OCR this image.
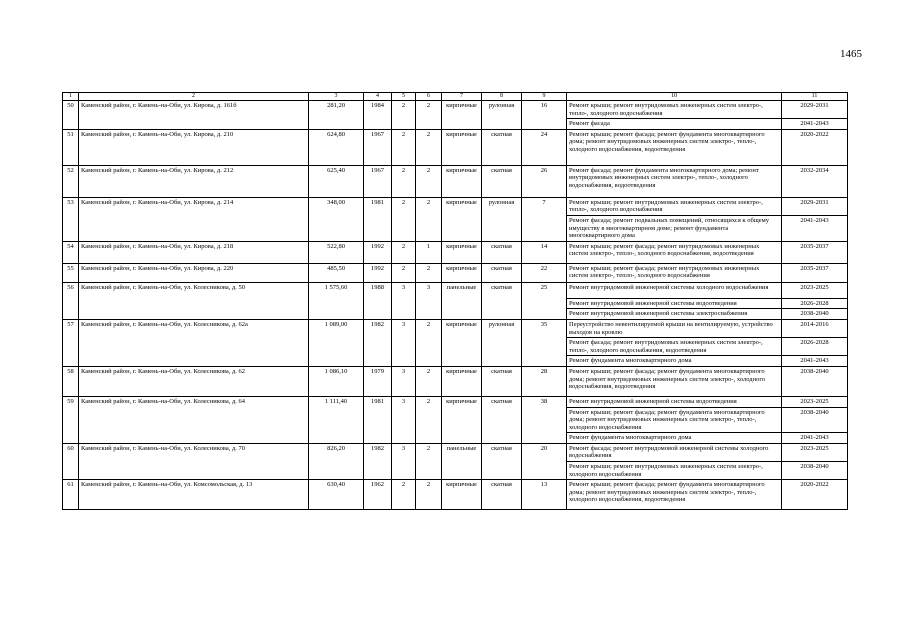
1465
1	2	3	4	5	6	7	8	9	10	11
50	Каменский район, г. Камень-на-Оби, ул. Кирова, д. 161б	281,20	1984	2	2	кирпичные	рулонная	16	Ремонт крыши; ремонт внутридомовых инженерных систем электро-, тепло-, холодного водоснабжения	2029-2031
									Ремонт фасада	2041-2043
51	Каменский район, г. Камень-на-Оби, ул. Кирова, д. 210	624,80	1967	2	2	кирпичные	скатная	24	Ремонт крыши; ремонт фасада; ремонт фундамента многоквартирного дома; ремонт внутридомовых инженерных систем электро-, тепло-, холодного водоснабжения, водоотведения	2020-2022
52	Каменский район, г. Камень-на-Оби, ул. Кирова, д. 212	625,40	1967	2	2	кирпичные	скатная	26	Ремонт фасада; ремонт фундамента многоквартирного дома; ремонт внутридомовых инженерных систем электро-, тепло-, холодного водоснабжения, водоотведения	2032-2034
53	Каменский район, г. Камень-на-Оби, ул. Кирова, д. 214	348,00	1981	2	2	кирпичные	рулонная	7	Ремонт крыши; ремонт внутридомовых инженерных систем электро-, тепло-, холодного водоснабжения	2029-2031
									Ремонт фасада; ремонт подвальных помещений, относящихся к общему имуществу в многоквартирном доме; ремонт фундамента многоквартирного дома	2041-2043
54	Каменский район, г. Камень-на-Оби, ул. Кирова, д. 218	522,80	1992	2	1	кирпичные	скатная	14	Ремонт крыши; ремонт фасада; ремонт внутридомовых инженерных систем электро-, тепло-, холодного водоснабжения, водоотведения	2035-2037
55	Каменский район, г. Камень-на-Оби, ул. Кирова, д. 220	485,50	1992	2	2	кирпичные	скатная	22	Ремонт крыши; ремонт фасада; ремонт внутридомовых инженерных систем электро-, тепло-, холодного водоснабжения	2035-2037
56	Каменский район, г. Камень-на-Оби, ул. Колесникова, д. 50	1 575,60	1988	3	3	панельные	скатная	25	Ремонт внутридомовой инженерной системы холодного водоснабжения	2023-2025
									Ремонт внутридомовой инженерной системы водоотведения	2026-2028
									Ремонт внутридомовой инженерной системы электроснабжения	2038-2040
57	Каменский район, г. Камень-на-Оби, ул. Колесникова, д. 62а	1 089,00	1982	3	2	кирпичные	рулонная	35	Переустройство невентилируемой крыши на вентилируемую, устройство выходов на кровлю	2014-2016
									Ремонт фасада; ремонт внутридомовых инженерных систем электро-, тепло-, холодного водоснабжения, водоотведения	2026-2028
									Ремонт фундамента многоквартирного дома	2041-2043
58	Каменский район, г. Камень-на-Оби, ул. Колесникова, д. 62	1 086,10	1979	3	2	кирпичные	скатная	28	Ремонт крыши; ремонт фасада; ремонт фундамента многоквартирного дома; ремонт внутридомовых инженерных систем электро-, холодного водоснабжения, водоотведения	2038-2040
59	Каменский район, г. Камень-на-Оби, ул. Колесникова, д. 64	1 111,40	1981	3	2	кирпичные	скатная	38	Ремонт внутридомовой инженерной системы водоотведения	2023-2025
									Ремонт крыши; ремонт фасада; ремонт фундамента многоквартирного дома; ремонт внутридомовых инженерных систем электро-, тепло-, холодного водоснабжения	2038-2040
									Ремонт фундамента многоквартирного дома	2041-2043
60	Каменский район, г. Камень-на-Оби, ул. Колесникова, д. 70	826,20	1982	3	2	панельные	скатная	20	Ремонт фасада; ремонт внутридомовой инженерной системы холодного водоснабжения	2023-2025
									Ремонт крыши; ремонт внутридомовых инженерных систем электро-, холодного водоснабжения	2038-2040
61	Каменский район, г. Камень-на-Оби, ул. Комсомольская, д. 13	630,40	1962	2	2	кирпичные	скатная	13	Ремонт крыши; ремонт фасада; ремонт фундамента многоквартирного дома; ремонт внутридомовых инженерных систем электро-, тепло-, холодного водоснабжения, водоотведения	2020-2022
